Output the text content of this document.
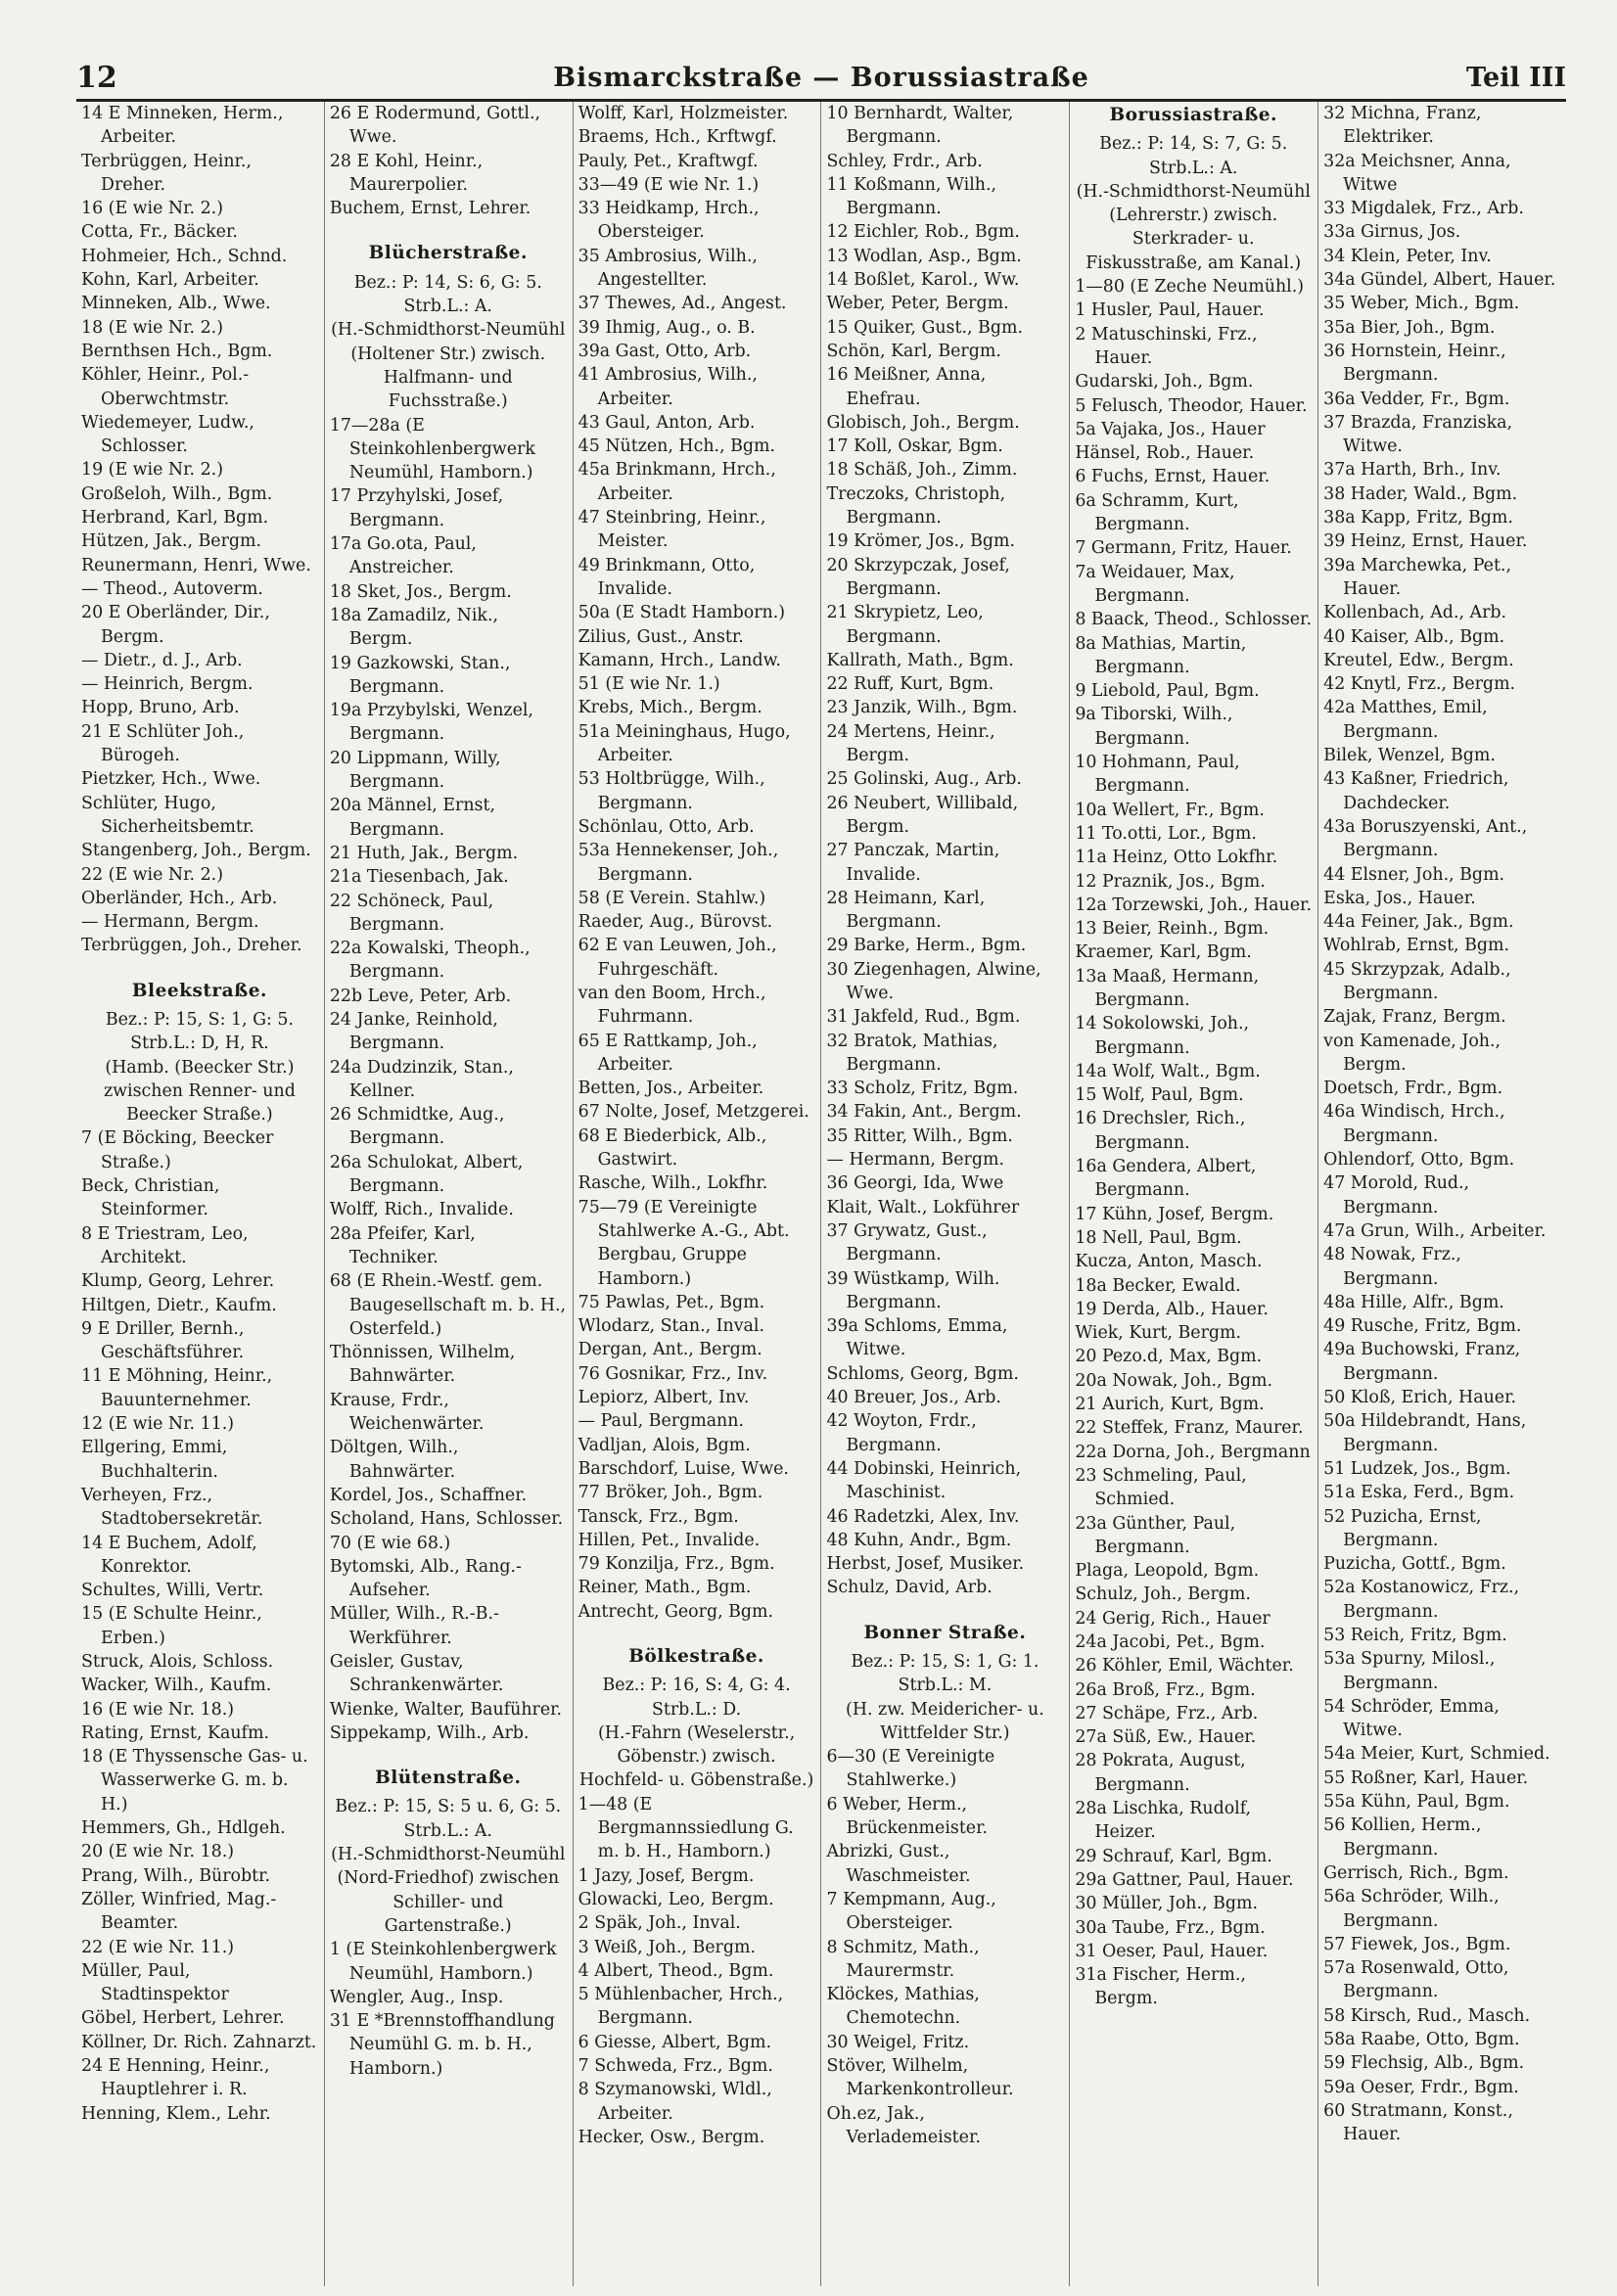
12	Bismarckstraße — Borussiastraße	Teil III
14 E Minneken, Herm., Arbeiter.
Terbrüggen, Heinr., Dreher.
16 (E wie Nr. 2.)
Cotta, Fr., Bäcker.
Hohmeier, Hch., Schnd.
Kohn, Karl, Arbeiter.
Minneken, Alb., Wwe.
18 (E wie Nr. 2.)
Bernthsen Hch., Bgm.
Köhler, Heinr., Pol.-Oberwchtmstr.
Wiedemeyer, Ludw., Schlosser.
19 (E wie Nr. 2.)
Großeloh, Wilh., Bgm.
Herbrand, Karl, Bgm.
Hützen, Jak., Bergm.
Reunermann, Henri, Wwe.
— Theod., Autoverm.
20 E Oberländer, Dir., Bergm.
— Dietr., d. J., Arb.
— Heinrich, Bergm.
Hopp, Bruno, Arb.
21 E Schlüter Joh., Bürogeh.
Pietzker, Hch., Wwe.
Schlüter, Hugo, Sicherheitsbemtr.
Stangenberg, Joh., Bergm.
22 (E wie Nr. 2.)
Oberländer, Hch., Arb.
— Hermann, Bergm.
Terbrüggen, Joh., Dreher.
Bleekstraße.
Bez.: P: 15, S: 1, G: 5.
Strb.L.: D, H, R.
(Hamb. (Beecker Str.) zwischen Renner- und Beecker Straße.)
7 (E Böcking, Beecker Straße.)
Beck, Christian, Steinformer.
8 E Triestram, Leo, Architekt.
Klump, Georg, Lehrer.
Hiltgen, Dietr., Kaufm.
9 E Driller, Bernh., Geschäftsführer.
11 E Möhning, Heinr., Bauunternehmer.
12 (E wie Nr. 11.)
Ellgering, Emmi, Buchhalterin.
Verheyen, Frz., Stadtobersekretär.
14 E Buchem, Adolf, Konrektor.
Schultes, Willi, Vertr.
15 (E Schulte Heinr., Erben.)
Struck, Alois, Schloss.
Wacker, Wilh., Kaufm.
16 (E wie Nr. 18.)
Rating, Ernst, Kaufm.
18 (E Thyssensche Gas- u. Wasserwerke G. m. b. H.)
Hemmers, Gh., Hdlgeh.
20 (E wie Nr. 18.)
Prang, Wilh., Bürobtr.
Zöller, Winfried, Mag.-Beamter.
22 (E wie Nr. 11.)
Müller, Paul, Stadtinspektor
Göbel, Herbert, Lehrer.
Köllner, Dr. Rich. Zahnarzt.
24 E Henning, Heinr., Hauptlehrer i. R.
Henning, Klem., Lehr.
26 E Rodermund, Gottl., Wwe.
28 E Kohl, Heinr., Maurerpolier.
Buchem, Ernst, Lehrer.
Blücherstraße.
Bez.: P: 14, S: 6, G: 5.
Strb.L.: A.
(H.-Schmidthorst-Neumühl (Holtener Str.) zwisch. Halfmann- und Fuchsstraße.)
17—28a (E Steinkohlenbergwerk Neumühl, Hamborn.)
17 Przyhylski, Josef, Bergmann.
17a Go.ota, Paul, Anstreicher.
18 Sket, Jos., Bergm.
18a Zamadilz, Nik., Bergm.
19 Gazkowski, Stan., Bergmann.
19a Przybylski, Wenzel, Bergmann.
20 Lippmann, Willy, Bergmann.
20a Männel, Ernst, Bergmann.
21 Huth, Jak., Bergm.
21a Tiesenbach, Jak.
22 Schöneck, Paul, Bergmann.
22a Kowalski, Theoph., Bergmann.
22b Leve, Peter, Arb.
24 Janke, Reinhold, Bergmann.
24a Dudzinzik, Stan., Kellner.
26 Schmidtke, Aug., Bergmann.
26a Schulokat, Albert, Bergmann.
Wolff, Rich., Invalide.
28a Pfeifer, Karl, Techniker.
68 (E Rhein.-Westf. gem. Baugesellschaft m. b. H., Osterfeld.)
Thönnissen, Wilhelm, Bahnwärter.
Krause, Frdr., Weichenwärter.
Döltgen, Wilh., Bahnwärter.
Kordel, Jos., Schaffner.
Scholand, Hans, Schlosser.
70 (E wie 68.)
Bytomski, Alb., Rang.-Aufseher.
Müller, Wilh., R.-B.-Werkführer.
Geisler, Gustav, Schrankenwärter.
Wienke, Walter, Bauführer.
Sippekamp, Wilh., Arb.
Blütenstraße.
Bez.: P: 15, S: 5 u. 6, G: 5.
Strb.L.: A.
(H.-Schmidthorst-Neumühl (Nord-Friedhof) zwischen Schiller- und Gartenstraße.)
1 (E Steinkohlenbergwerk Neumühl, Hamborn.)
Wengler, Aug., Insp.
31 E *Brennstoffhandlung Neumühl G. m. b. H., Hamborn.)
Wolff, Karl, Holzmeister.
Braems, Hch., Krftwgf.
Pauly, Pet., Kraftwgf.
33—49 (E wie Nr. 1.)
33 Heidkamp, Hrch., Obersteiger.
35 Ambrosius, Wilh., Angestellter.
37 Thewes, Ad., Angest.
39 Ihmig, Aug., o. B.
39a Gast, Otto, Arb.
41 Ambrosius, Wilh., Arbeiter.
43 Gaul, Anton, Arb.
45 Nützen, Hch., Bgm.
45a Brinkmann, Hrch., Arbeiter.
47 Steinbring, Heinr., Meister.
49 Brinkmann, Otto, Invalide.
50a (E Stadt Hamborn.)
Zilius, Gust., Anstr.
Kamann, Hrch., Landw.
51 (E wie Nr. 1.)
Krebs, Mich., Bergm.
51a Meininghaus, Hugo, Arbeiter.
53 Holtbrügge, Wilh., Bergmann.
Schönlau, Otto, Arb.
53a Hennekenser, Joh., Bergmann.
58 (E Verein. Stahlw.)
Raeder, Aug., Bürovst.
62 E van Leuwen, Joh., Fuhrgeschäft.
van den Boom, Hrch., Fuhrmann.
65 E Rattkamp, Joh., Arbeiter.
Betten, Jos., Arbeiter.
67 Nolte, Josef, Metzgerei.
68 E Biederbick, Alb., Gastwirt.
Rasche, Wilh., Lokfhr.
75—79 (E Vereinigte Stahlwerke A.-G., Abt. Bergbau, Gruppe Hamborn.)
75 Pawlas, Pet., Bgm.
Wlodarz, Stan., Inval.
Dergan, Ant., Bergm.
76 Gosnikar, Frz., Inv.
Lepiorz, Albert, Inv.
— Paul, Bergmann.
Vadljan, Alois, Bgm.
Barschdorf, Luise, Wwe.
77 Bröker, Joh., Bgm.
Tansck, Frz., Bgm.
Hillen, Pet., Invalide.
79 Konzilja, Frz., Bgm.
Reiner, Math., Bgm.
Antrecht, Georg, Bgm.
Bölkestraße.
Bez.: P: 16, S: 4, G: 4.
Strb.L.: D.
(H.-Fahrn (Weselerstr., Göbenstr.) zwisch. Hochfeld- u. Göbenstraße.)
1—48 (E Bergmannssiedlung G. m. b. H., Hamborn.)
1 Jazy, Josef, Bergm.
Glowacki, Leo, Bergm.
2 Späk, Joh., Inval.
3 Weiß, Joh., Bergm.
4 Albert, Theod., Bgm.
5 Mühlenbacher, Hrch., Bergmann.
6 Giesse, Albert, Bgm.
7 Schweda, Frz., Bgm.
8 Szymanowski, Wldl., Arbeiter.
Hecker, Osw., Bergm.
10 Bernhardt, Walter, Bergmann.
Schley, Frdr., Arb.
11 Koßmann, Wilh., Bergmann.
12 Eichler, Rob., Bgm.
13 Wodlan, Asp., Bgm.
14 Boßlet, Karol., Ww.
Weber, Peter, Bergm.
15 Quiker, Gust., Bgm.
Schön, Karl, Bergm.
16 Meißner, Anna, Ehefrau.
Globisch, Joh., Bergm.
17 Koll, Oskar, Bgm.
18 Schäß, Joh., Zimm.
Treczoks, Christoph, Bergmann.
19 Krömer, Jos., Bgm.
20 Skrzypczak, Josef, Bergmann.
21 Skrypietz, Leo, Bergmann.
Kallrath, Math., Bgm.
22 Ruff, Kurt, Bgm.
23 Janzik, Wilh., Bgm.
24 Mertens, Heinr., Bergm.
25 Golinski, Aug., Arb.
26 Neubert, Willibald, Bergm.
27 Panczak, Martin, Invalide.
28 Heimann, Karl, Bergmann.
29 Barke, Herm., Bgm.
30 Ziegenhagen, Alwine, Wwe.
31 Jakfeld, Rud., Bgm.
32 Bratok, Mathias, Bergmann.
33 Scholz, Fritz, Bgm.
34 Fakin, Ant., Bergm.
35 Ritter, Wilh., Bgm.
— Hermann, Bergm.
36 Georgi, Ida, Wwe
Klait, Walt., Lokführer
37 Grywatz, Gust., Bergmann.
39 Wüstkamp, Wilh. Bergmann.
39a Schloms, Emma, Witwe.
Schloms, Georg, Bgm.
40 Breuer, Jos., Arb.
42 Woyton, Frdr., Bergmann.
44 Dobinski, Heinrich, Maschinist.
46 Radetzki, Alex, Inv.
48 Kuhn, Andr., Bgm.
Herbst, Josef, Musiker.
Schulz, David, Arb.
Bonner Straße.
Bez.: P: 15, S: 1, G: 1.
Strb.L.: M.
(H. zw. Meidericher- u. Wittfelder Str.)
6—30 (E Vereinigte Stahlwerke.)
6 Weber, Herm., Brückenmeister.
Abrizki, Gust., Waschmeister.
7 Kempmann, Aug., Obersteiger.
8 Schmitz, Math., Maurermstr.
Klöckes, Mathias, Chemotechn.
30 Weigel, Fritz.
Stöver, Wilhelm, Markenkontrolleur.
Oh.ez, Jak., Verlademeister.
Borussiastraße.
Bez.: P: 14, S: 7, G: 5.
Strb.L.: A.
(H.-Schmidthorst-Neumühl (Lehrerstr.) zwisch. Sterkrader- u. Fiskusstraße, am Kanal.)
1—80 (E Zeche Neumühl.)
1 Husler, Paul, Hauer.
2 Matuschinski, Frz., Hauer.
Gudarski, Joh., Bgm.
5 Felusch, Theodor, Hauer.
5a Vajaka, Jos., Hauer
Hänsel, Rob., Hauer.
6 Fuchs, Ernst, Hauer.
6a Schramm, Kurt, Bergmann.
7 Germann, Fritz, Hauer.
7a Weidauer, Max, Bergmann.
8 Baack, Theod., Schlosser.
8a Mathias, Martin, Bergmann.
9 Liebold, Paul, Bgm.
9a Tiborski, Wilh., Bergmann.
10 Hohmann, Paul, Bergmann.
10a Wellert, Fr., Bgm.
11 To.otti, Lor., Bgm.
11a Heinz, Otto Lokfhr.
12 Praznik, Jos., Bgm.
12a Torzewski, Joh., Hauer.
13 Beier, Reinh., Bgm.
Kraemer, Karl, Bgm.
13a Maaß, Hermann, Bergmann.
14 Sokolowski, Joh., Bergmann.
14a Wolf, Walt., Bgm.
15 Wolf, Paul, Bgm.
16 Drechsler, Rich., Bergmann.
16a Gendera, Albert, Bergmann.
17 Kühn, Josef, Bergm.
18 Nell, Paul, Bgm.
Kucza, Anton, Masch.
18a Becker, Ewald.
19 Derda, Alb., Hauer.
Wiek, Kurt, Bergm.
20 Pezo.d, Max, Bgm.
20a Nowak, Joh., Bgm.
21 Aurich, Kurt, Bgm.
22 Steffek, Franz, Maurer.
22a Dorna, Joh., Bergmann
23 Schmeling, Paul, Schmied.
23a Günther, Paul, Bergmann.
Plaga, Leopold, Bgm.
Schulz, Joh., Bergm.
24 Gerig, Rich., Hauer
24a Jacobi, Pet., Bgm.
26 Köhler, Emil, Wächter.
26a Broß, Frz., Bgm.
27 Schäpe, Frz., Arb.
27a Süß, Ew., Hauer.
28 Pokrata, August, Bergmann.
28a Lischka, Rudolf, Heizer.
29 Schrauf, Karl, Bgm.
29a Gattner, Paul, Hauer.
30 Müller, Joh., Bgm.
30a Taube, Frz., Bgm.
31 Oeser, Paul, Hauer.
31a Fischer, Herm., Bergm.
32 Michna, Franz, Elektriker.
32a Meichsner, Anna, Witwe
33 Migdalek, Frz., Arb.
33a Girnus, Jos.
34 Klein, Peter, Inv.
34a Gündel, Albert, Hauer.
35 Weber, Mich., Bgm.
35a Bier, Joh., Bgm.
36 Hornstein, Heinr., Bergmann.
36a Vedder, Fr., Bgm.
37 Brazda, Franziska, Witwe.
37a Harth, Brh., Inv.
38 Hader, Wald., Bgm.
38a Kapp, Fritz, Bgm.
39 Heinz, Ernst, Hauer.
39a Marchewka, Pet., Hauer.
Kollenbach, Ad., Arb.
40 Kaiser, Alb., Bgm.
Kreutel, Edw., Bergm.
42 Knytl, Frz., Bergm.
42a Matthes, Emil, Bergmann.
Bilek, Wenzel, Bgm.
43 Kaßner, Friedrich, Dachdecker.
43a Boruszyenski, Ant., Bergmann.
44 Elsner, Joh., Bgm.
Eska, Jos., Hauer.
44a Feiner, Jak., Bgm.
Wohlrab, Ernst, Bgm.
45 Skrzypzak, Adalb., Bergmann.
Zajak, Franz, Bergm.
von Kamenade, Joh., Bergm.
Doetsch, Frdr., Bgm.
46a Windisch, Hrch., Bergmann.
Ohlendorf, Otto, Bgm.
47 Morold, Rud., Bergmann.
47a Grun, Wilh., Arbeiter.
48 Nowak, Frz., Bergmann.
48a Hille, Alfr., Bgm.
49 Rusche, Fritz, Bgm.
49a Buchowski, Franz, Bergmann.
50 Kloß, Erich, Hauer.
50a Hildebrandt, Hans, Bergmann.
51 Ludzek, Jos., Bgm.
51a Eska, Ferd., Bgm.
52 Puzicha, Ernst, Bergmann.
Puzicha, Gottf., Bgm.
52a Kostanowicz, Frz., Bergmann.
53 Reich, Fritz, Bgm.
53a Spurny, Milosl., Bergmann.
54 Schröder, Emma, Witwe.
54a Meier, Kurt, Schmied.
55 Roßner, Karl, Hauer.
55a Kühn, Paul, Bgm.
56 Kollien, Herm., Bergmann.
Gerrisch, Rich., Bgm.
56a Schröder, Wilh., Bergmann.
57 Fiewek, Jos., Bgm.
57a Rosenwald, Otto, Bergmann.
58 Kirsch, Rud., Masch.
58a Raabe, Otto, Bgm.
59 Flechsig, Alb., Bgm.
59a Oeser, Frdr., Bgm.
60 Stratmann, Konst., Hauer.
